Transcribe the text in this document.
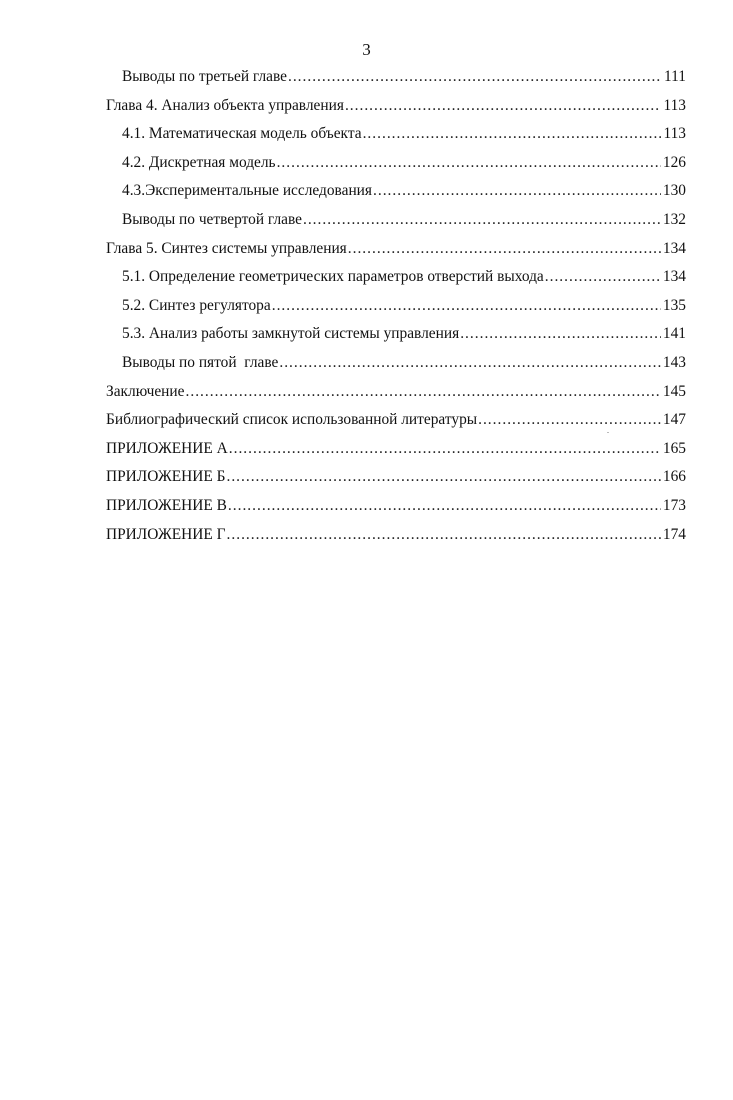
3
Выводы по третьей главе .....	111
Глава 4. Анализ объекта управления .....	113
4.1. Математическая модель объекта .....	113
4.2. Дискретная модель .....	126
4.3.Экспериментальные исследования .....	130
Выводы по четвертой главе .....	132
Глава 5. Синтез системы управления .....	134
5.1. Определение геометрических параметров отверстий выхода .....	134
5.2. Синтез регулятора .....	135
5.3. Анализ работы замкнутой системы управления .....	141
Выводы по пятой  главе .....	143
Заключение .....	145
Библиографический список использованной литературы .....	147
ПРИЛОЖЕНИЕ А .....	165
ПРИЛОЖЕНИЕ Б .....	166
ПРИЛОЖЕНИЕ В .....	173
ПРИЛОЖЕНИЕ Г .....	174
